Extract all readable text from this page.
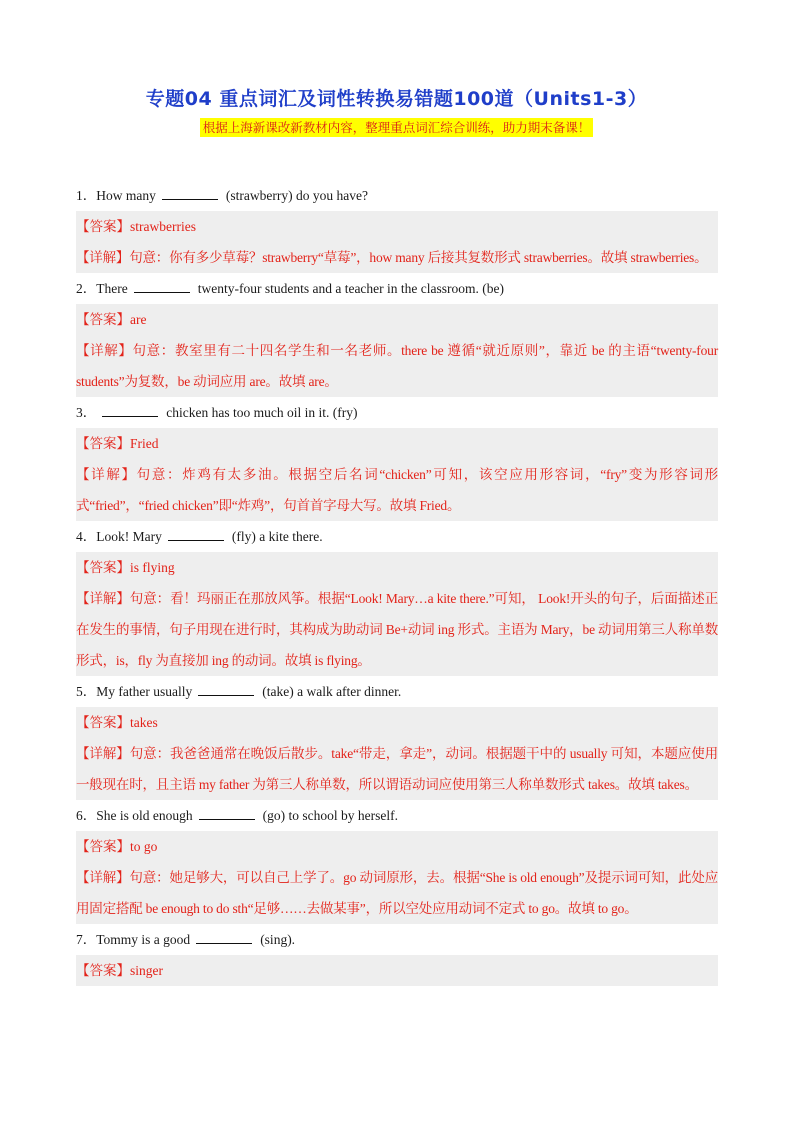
专题04 重点词汇及词性转换易错题100道（Units1-3）
根据上海新课改新教材内容，整理重点词汇综合训练，助力期末备课！
1．How many	(strawberry) do you have?
【答案】strawberries
【详解】句意：你有多少草莓？strawberry“草莓”，how many 后接其复数形式 strawberries。故填 strawberries。
2．There	twenty-four students and a teacher in the classroom. (be)
【答案】are
【详解】句意：教室里有二十四名学生和一名老师。there be 遵循“就近原则”，靠近 be 的主语“twenty-four students”为复数，be 动词应用 are。故填 are。
3．	chicken has too much oil in it. (fry)
【答案】Fried
【详解】句意：炸鸡有太多油。根据空后名词“chicken”可知，该空应用形容词，“fry”变为形容词形式“fried”，“fried chicken”即“炸鸡”，句首首字母大写。故填 Fried。
4．Look! Mary	(fly) a kite there.
【答案】is flying
【详解】句意：看！玛丽正在那放风筝。根据“Look! Mary…a kite there.”可知， Look!开头的句子，后面描述正在发生的事情，句子用现在进行时，其构成为助动词 Be+动词 ing 形式。主语为 Mary，be 动词用第三人称单数形式，is，fly 为直接加 ing 的动词。故填 is flying。
5．My father usually	(take) a walk after dinner.
【答案】takes
【详解】句意：我爸爸通常在晚饭后散步。take“带走，拿走”，动词。根据题干中的 usually 可知，本题应使用一般现在时，且主语 my father 为第三人称单数，所以谓语动词应使用第三人称单数形式 takes。故填 takes。
6．She is old enough	(go) to school by herself.
【答案】to go
【详解】句意：她足够大，可以自己上学了。go 动词原形，去。根据“She is old enough”及提示词可知，此处应用固定搭配 be enough to do sth“足够……去做某事”，所以空处应用动词不定式 to go。故填 to go。
7．Tommy is a good	(sing).
【答案】singer
